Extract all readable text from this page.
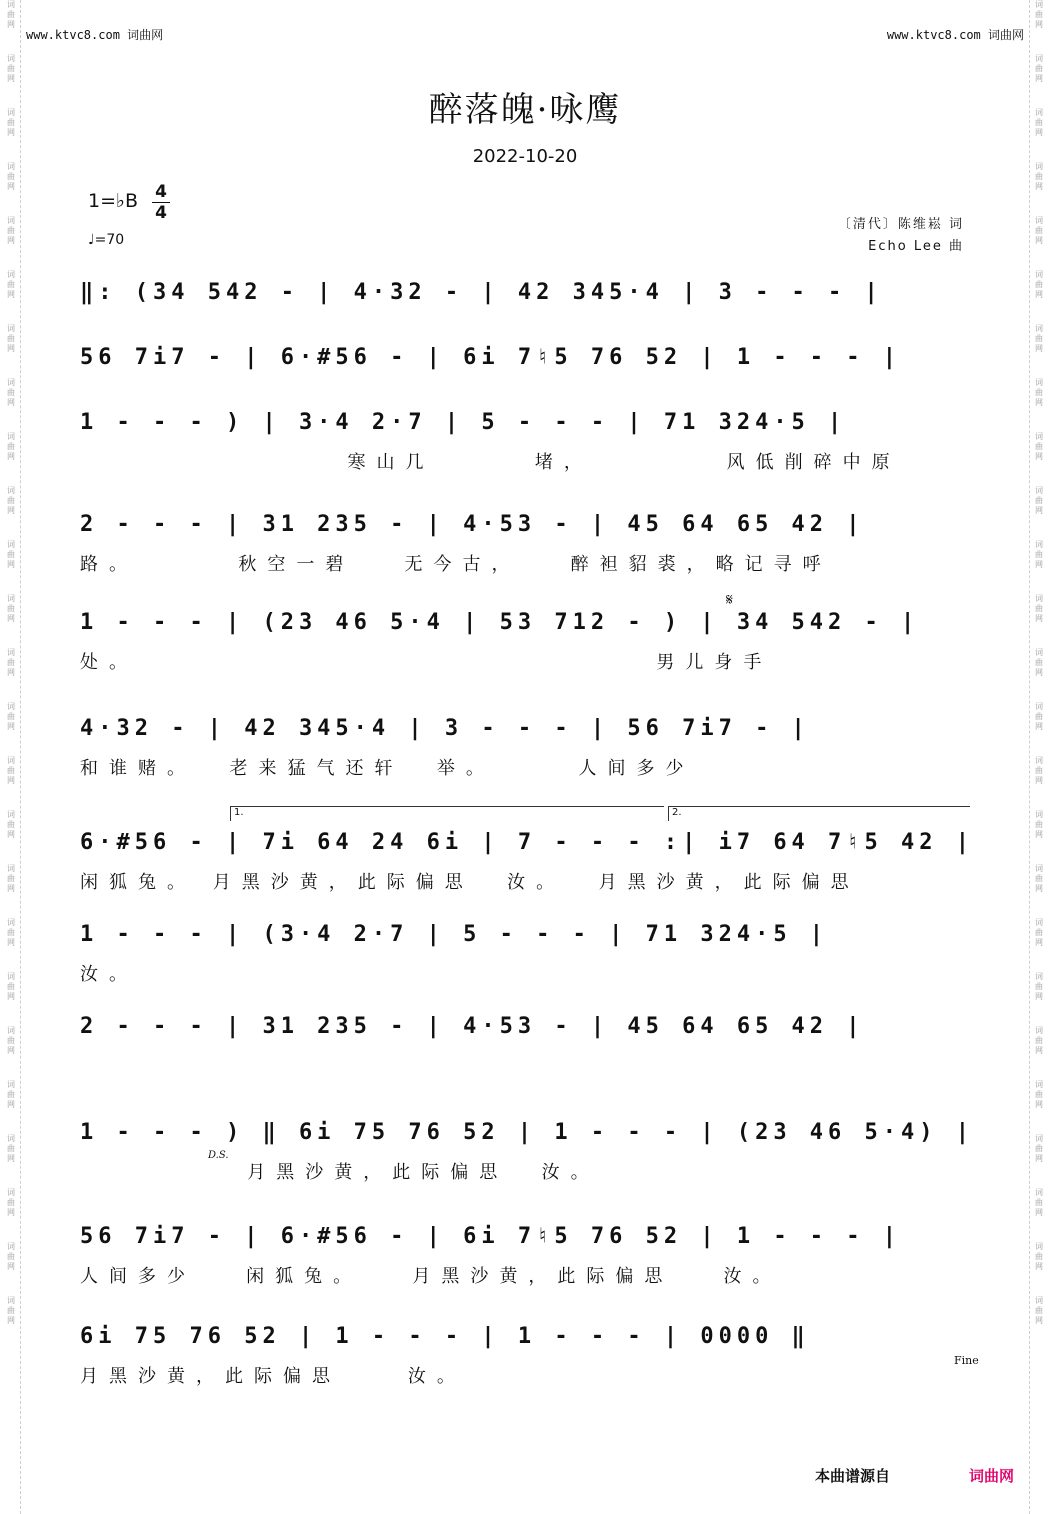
词
曲
网
词
曲
网
词
曲
网
词
曲
网
词
曲
网
词
曲
网
词
曲
网
词
曲
网
词
曲
网
词
曲
网
词
曲
网
词
曲
网
词
曲
网
词
曲
网
词
曲
网
词
曲
网
词
曲
网
词
曲
网
词
曲
网
词
曲
网
词
曲
网
词
曲
网
词
曲
网
词
曲
网
词
曲
网
词
曲
网
词
曲
网
词
曲
网
词
曲
网
词
曲
网
词
曲
网
词
曲
网
词
曲
网
词
曲
网
词
曲
网
词
曲
网
词
曲
网
词
曲
网
词
曲
网
词
曲
网
词
曲
网
词
曲
网
词
曲
网
词
曲
网
词
曲
网
词
曲
网
词
曲
网
词
曲
网
词
曲
网
词
曲
网
www.ktvc8.com 词曲网	www.ktvc8.com 词曲网
醉落魄·咏鹰
2022-10-20
1=♭B 4
4
♩=70
〔清代〕陈维崧 词
Echo Lee 曲
𝄋
1.	2.
D.S.
Fine
‖: (34 542 - | 4·32 - | 42 345·4 | 3 - - - |
56 7i7 - | 6·#56 - | 6i 7♮5 76 52 | 1 - - - |
1 - - - ) | 3·4 2·7 | 5 - - - | 71 324·5 |
寒山几      堵，        风低削碎中原
2 - - - | 31 235 - | 4·53 - | 45 64 65 42 |
路。      秋空一碧   无今古，   醉袒貂裘，略记寻呼
1 - - - | (23 46 5·4 | 53 712 - ) | 34 542 - |
处。                               男儿身手
4·32 - | 42 345·4 | 3 - - - | 56 7i7 - |
和谁赌。  老来猛气还轩  举。     人间多少
6·#56 - | 7i 64 24 6i | 7 - - - :| i7 64 7♮5 42 |
闲狐兔。 月黑沙黄，此际偏思  汝。  月黑沙黄，此际偏思
1 - - - | (3·4 2·7 | 5 - - - | 71 324·5 |
汝。
2 - - - | 31 235 - | 4·53 - | 45 64 65 42 |
1 - - - ) ‖ 6i 75 76 52 | 1 - - - | (23 46 5·4) |
月黑沙黄，此际偏思  汝。
56 7i7 - | 6·#56 - | 6i 7♮5 76 52 | 1 - - - |
人间多少   闲狐兔。   月黑沙黄，此际偏思   汝。
6i 75 76 52 | 1 - - - | 1 - - - | 0000 ‖
月黑沙黄，此际偏思    汝。
本曲谱源自	词曲网
